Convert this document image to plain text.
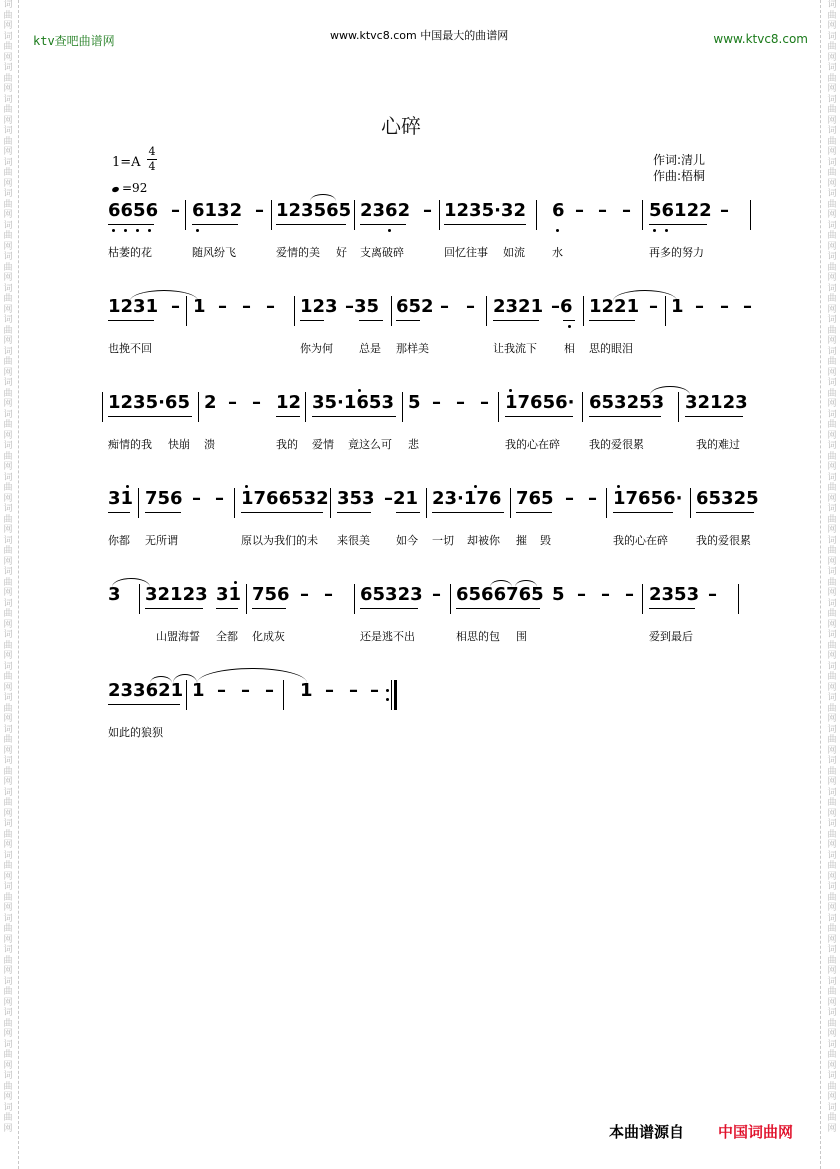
词曲网词曲网词曲网词曲网词曲网词曲网词曲网词曲网词曲网词曲网词曲网词曲网词曲网词曲网词曲网词曲网词曲网词曲网词曲网词曲网词曲网词曲网词曲网词曲网词曲网词曲网词曲网词曲网词曲网词曲网词曲网词曲网词曲网词曲网词曲网词曲网
词曲网词曲网词曲网词曲网词曲网词曲网词曲网词曲网词曲网词曲网词曲网词曲网词曲网词曲网词曲网词曲网词曲网词曲网词曲网词曲网词曲网词曲网词曲网词曲网词曲网词曲网词曲网词曲网词曲网词曲网词曲网词曲网词曲网词曲网词曲网词曲网
ktv查吧曲谱网	www.ktvc8.com 中国最大的曲谱网	www.ktvc8.com
心碎
1=A
4
4
=92
作词:清儿
作曲:梧桐
6656 – 6132 – 123565 2362 – 1235·32 6 – – – 56122 –
枯萎的花	随风纷飞	爱情的美 好 支离破碎	回忆往事 如流 水	再多的努力
1231 – 1 – – – 123 –35 652 – – 2321 –6 1221 – 1 – – –
也挽不回	你为何 总是 那样美	让我流下 相 思的眼泪
1235·65 2 – – 12 35·1653 5 – – – 17656· 653253 32123
痴情的我 快崩 溃	我的 爱情 竟这么可 悲	我的心在碎	我的爱很累	我的难过
31 756 – – 1766532 353 –21 23·176 765 – – 17656· 65325
你都 无所谓	原以为我们的未 来很美 如今 一切 却被你 摧 毁	我的心在碎	我的爱很累
3 32123 31 756 – – 65323 – 6566765 5 – – – 2353 –
山盟海誓 全都 化成灰	还是逃不出	相思的包 围	爱到最后
233621 1 – – – 1 – – –
如此的狼狈
本曲谱源自 中国词曲网
